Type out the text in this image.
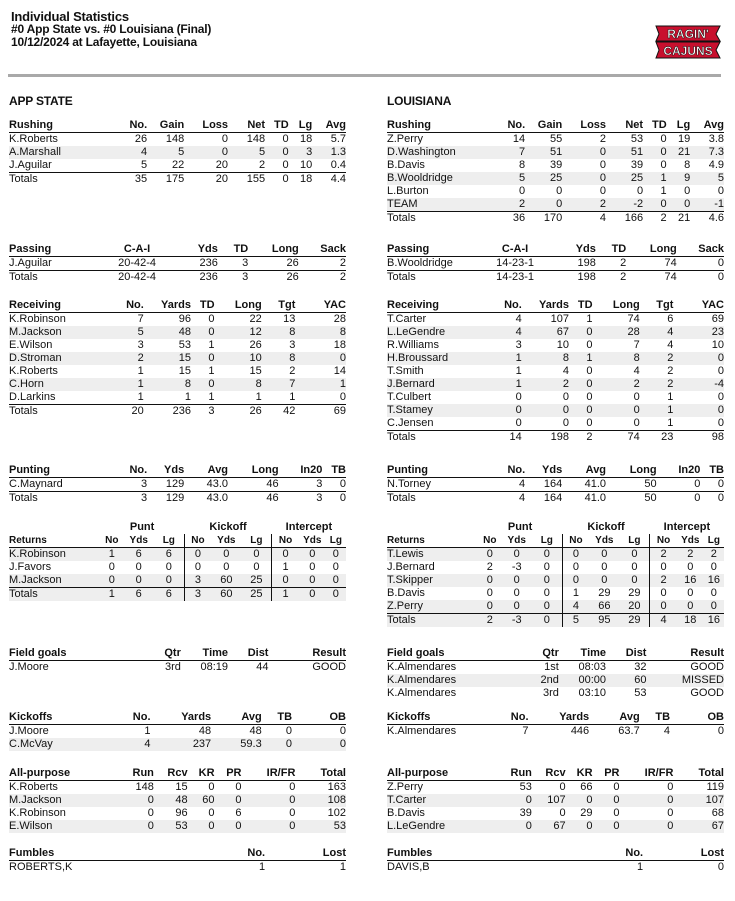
Individual Statistics
#0 App State vs. #0 Louisiana (Final)
10/12/2024 at Lafayette, Louisiana
RAGIN'
CAJUNS
APP STATE
Rushing	No.	Gain	Loss	Net	TD	Lg	Avg
K.Roberts	26	148	0	148	0	18	5.7
A.Marshall	4	5	0	5	0	3	1.3
J.Aguilar	5	22	20	2	0	10	0.4
Totals	35	175	20	155	0	18	4.4
Passing	C-A-I	Yds	TD	Long	Sack
J.Aguilar	20-42-4	236	3	26	2
Totals	20-42-4	236	3	26	2
Receiving	No.	Yards	TD	Long	Tgt	YAC
K.Robinson	7	96	0	22	13	28
M.Jackson	5	48	0	12	8	8
E.Wilson	3	53	1	26	3	18
D.Stroman	2	15	0	10	8	0
K.Roberts	1	15	1	15	2	14
C.Horn	1	8	0	8	7	1
D.Larkins	1	1	1	1	1	0
Totals	20	236	3	26	42	69
Punting	No.	Yds	Avg	Long	In20	TB
C.Maynard	3	129	43.0	46	3	0
Totals	3	129	43.0	46	3	0
Field goals	Qtr	Time	Dist	Result
J.Moore	3rd	08:19	44	GOOD
Kickoffs	No.	Yards	Avg	TB	OB
J.Moore	1	48	48	0	0
C.McVay	4	237	59.3	0	0
All-purpose	Run	Rcv	KR	PR	IR/FR	Total
K.Roberts	148	15	0	0	0	163
M.Jackson	0	48	60	0	0	108
K.Robinson	0	96	0	6	0	102
E.Wilson	0	53	0	0	0	53
Fumbles	No.	Lost
ROBERTS,K	1	1
	Punt			Kickoff			Intercept		
Returns	No	Yds	Lg	No	Yds	Lg	No	Yds	Lg
K.Robinson	1	6	6	0	0	0	0	0	0
J.Favors	0	0	0	0	0	0	1	0	0
M.Jackson	0	0	0	3	60	25	0	0	0
Totals	1	6	6	3	60	25	1	0	0
LOUISIANA
Rushing	No.	Gain	Loss	Net	TD	Lg	Avg
Z.Perry	14	55	2	53	0	19	3.8
D.Washington	7	51	0	51	0	21	7.3
B.Davis	8	39	0	39	0	8	4.9
B.Wooldridge	5	25	0	25	1	9	5
L.Burton	0	0	0	0	1	0	0
TEAM	2	0	2	-2	0	0	-1
Totals	36	170	4	166	2	21	4.6
Passing	C-A-I	Yds	TD	Long	Sack
B.Wooldridge	14-23-1	198	2	74	0
Totals	14-23-1	198	2	74	0
Receiving	No.	Yards	TD	Long	Tgt	YAC
T.Carter	4	107	1	74	6	69
L.LeGendre	4	67	0	28	4	23
R.Williams	3	10	0	7	4	10
H.Broussard	1	8	1	8	2	0
T.Smith	1	4	0	4	2	0
J.Bernard	1	2	0	2	2	-4
T.Culbert	0	0	0	0	1	0
T.Stamey	0	0	0	0	1	0
C.Jensen	0	0	0	0	1	0
Totals	14	198	2	74	23	98
Punting	No.	Yds	Avg	Long	In20	TB
N.Torney	4	164	41.0	50	0	0
Totals	4	164	41.0	50	0	0
Field goals	Qtr	Time	Dist	Result
K.Almendares	1st	08:03	32	GOOD
K.Almendares	2nd	00:00	60	MISSED
K.Almendares	3rd	03:10	53	GOOD
Kickoffs	No.	Yards	Avg	TB	OB
K.Almendares	7	446	63.7	4	0
All-purpose	Run	Rcv	KR	PR	IR/FR	Total
Z.Perry	53	0	66	0	0	119
T.Carter	0	107	0	0	0	107
B.Davis	39	0	29	0	0	68
L.LeGendre	0	67	0	0	0	67
Fumbles	No.	Lost
DAVIS,B	1	0
	Punt			Kickoff			Intercept		
Returns	No	Yds	Lg	No	Yds	Lg	No	Yds	Lg
T.Lewis	0	0	0	0	0	0	2	2	2
J.Bernard	2	-3	0	0	0	0	0	0	0
T.Skipper	0	0	0	0	0	0	2	16	16
B.Davis	0	0	0	1	29	29	0	0	0
Z.Perry	0	0	0	4	66	20	0	0	0
Totals	2	-3	0	5	95	29	4	18	16
